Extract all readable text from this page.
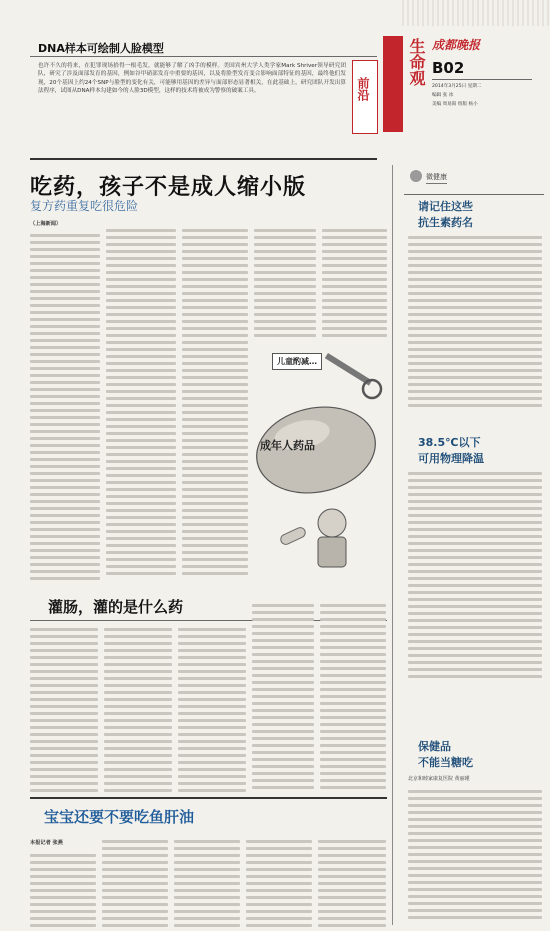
DNA样本可绘制人脸模型

也许不久的将来，在犯罪现场拾得一根毛发，就能够了解了凶手的模样。美国宾州大学人类学家Mark Shriver领导研究团队，研究了涉及面部发育的基因，例如谷甲硝部发育中重要的基因，以及将脸型发育变合影响面部特征的基因，最终他们发现，20个基因上约24个SNP与脸型的变化有关，可能够用基因的差异与面部形态显著相关，在此基础上，研究团队开发出算法程序，试图从DNA样本勾建如今的人脸3D模型，这样的技术将被成为警察的破案工具。	前沿
生命观 成都晚报
B02
2014年3月25日 星期二
编辑 张 冰
美编 周易阳 组版 杨小
吃药，孩子不是成人缩小版
复方药重复吃很危险
（上海新闻）
儿童酌减…
成年人药品
灌肠，灌的是什么药
宝宝还要不要吃鱼肝油
本报记者 张燕
微健康
请记住这些
抗生素药名
38.5℃以下
可用物理降温
保健品
不能当糖吃
北京和睦家康复医院 黄丽瑾
